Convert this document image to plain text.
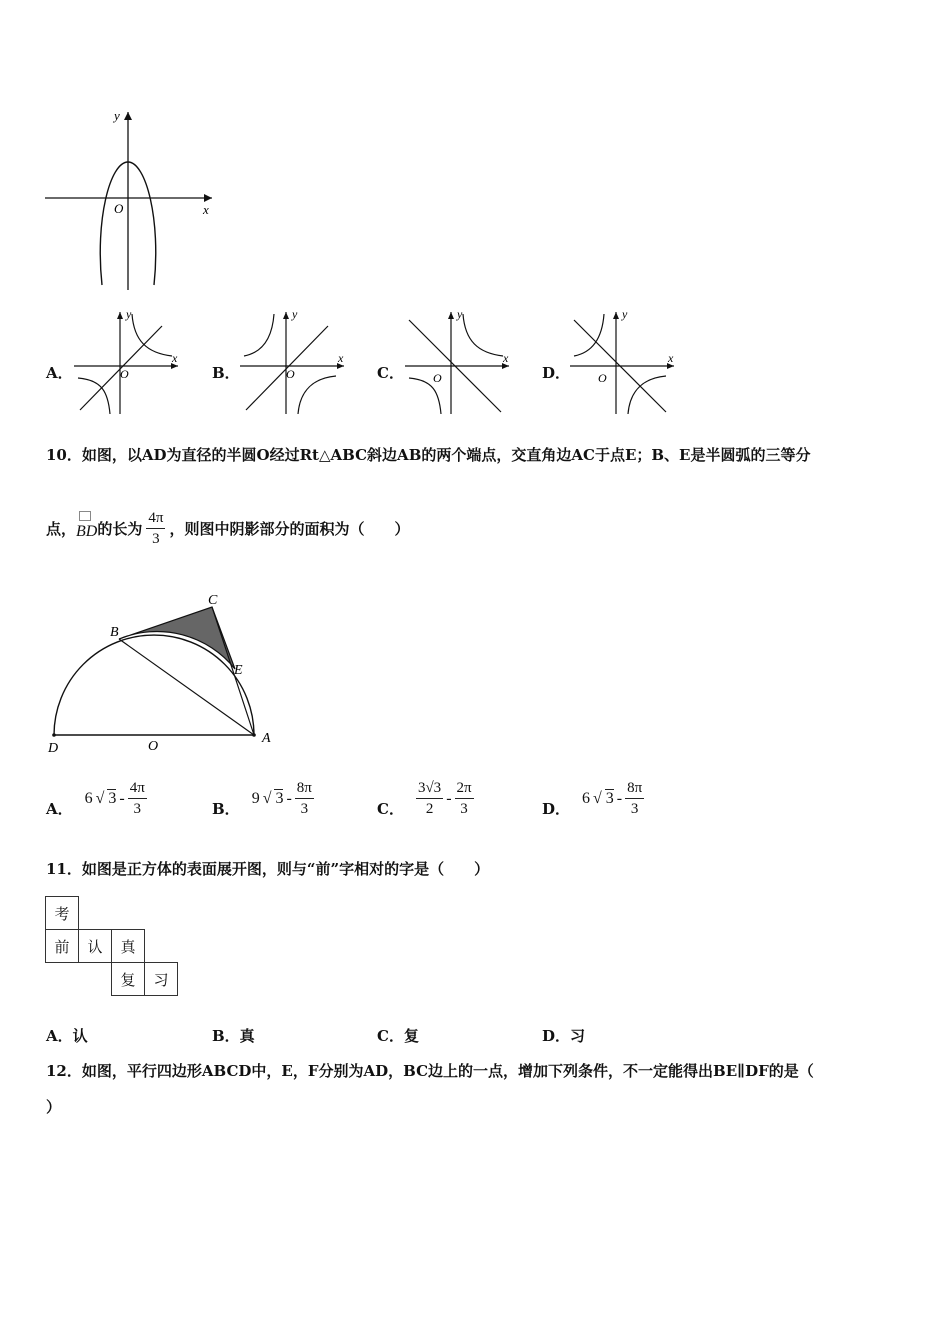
y
x
O
A．
y
x
O	B．
y
x
O	C．
y
x
O	D．
y
x
O
10．如图，以AD为直径的半圆O经过Rt△ABC斜边AB的两个端点，交直角边AC于点E；B、E是半圆弧的三等分
点， BD 的长为 $\frac{4\pi}{3}$ ，则图中阴影部分的面积为（　　）
C
B
E
D	O
A
A．
6 √ $3 - \frac{4\pi}{3}$	B．
9 √ $3 - \frac{8\pi}{3}$	C． $\frac{3√3}{2} - \frac{2\pi}{3}$	D．
6 √ $3 - \frac{8\pi}{3}$
11．如图是正方体的表面展开图，则与“前”字相对的字是（　　）
考			
前	认	真	
		复	习
A．认	B．真	C．复	D．习
12．如图，平行四边形ABCD中，E，F分别为AD，BC边上的一点，增加下列条件，不一定能得出BE∥DF的是（
）
